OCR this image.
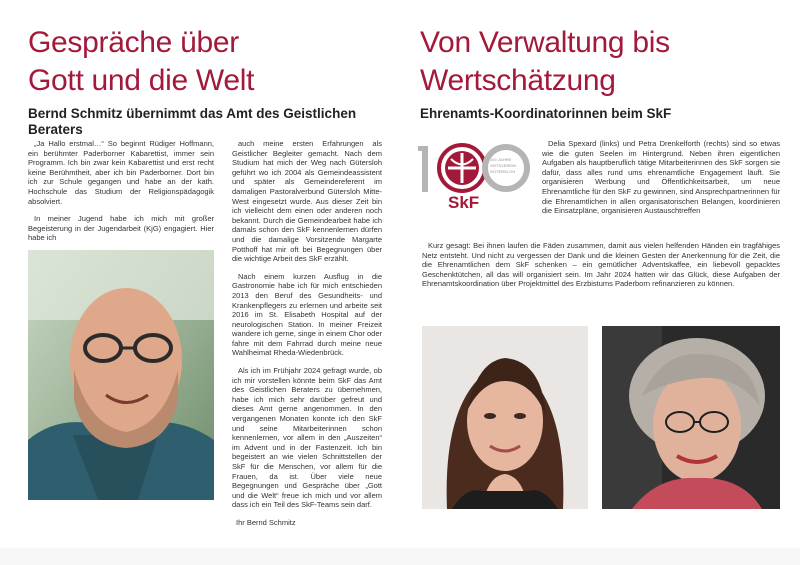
Gespräche über
Gott und die Welt
Bernd Schmitz übernimmt das Amt des Geistlichen Beraters

„Ja Hallo erstmal…“ So beginnt Rüdiger Hoffmann, ein berühmter Paderborner Kabarettist, immer sein Programm. Ich bin zwar kein Kabarettist und erst recht keine Berühmtheit, aber ich bin Paderborner. Dort bin ich zur Schule gegangen und habe an der kath. Hochschule das Studium der Religionspädagogik absolviert.

In meiner Jugend habe ich mich mit großer Begeisterung in der Jugendarbeit (KjG) engagiert. Hier habe ich

auch meine ersten Erfahrungen als Geistlicher Begleiter gemacht. Nach dem Studium hat mich der Weg nach Gütersloh geführt wo ich 2004 als Gemeindeassistent und später als Gemeindereferent im damaligen Pastoralverbund Gütersloh Mitte-West eingesetzt wurde. Aus dieser Zeit bin ich vielleicht dem einen oder anderen noch bekannt. Durch die Gemeindearbeit habe ich damals schon den SkF kennenlernen dürfen und die damalige Vorsitzende Margarte Potthoff hat mir oft bei Begegnungen über die wichtige Arbeit des SkF erzählt.

Nach einem kurzen Ausflug in die Gastronomie habe ich für mich entschieden 2013 den Beruf des Gesundheits- und Krankenpflegers zu erlernen und arbeite seit 2016 im St. Elisabeth Hospital auf der neurologischen Station. In meiner Freizeit wandere ich gerne, singe in einem Chor oder fahre mit dem Fahrrad durch meine neue Wahlheimat Rheda-Wiedenbrück.

Als ich im Frühjahr 2024 gefragt wurde, ob ich mir vorstellen könnte beim SkF das Amt des Geistlichen Beraters zu übernehmen, habe ich mich sehr darüber gefreut und dieses Amt gerne angenommen. In den vergangenen Monaten konnte ich den SkF und seine Mitarbeiterinnen schon kennenlernen, vor allem in den „Auszeiten“ im Advent und in der Fastenzeit. Ich bin begeistert an wie vielen Schnittstellen der SkF für die Menschen, vor allem für die Frauen, da ist. Über viele neue Begegnungen und Gespräche über „Gott und die Welt“ freue ich mich und vor allem dass ich ein Teil des SkF-Teams sein darf.

Ihr Bernd Schmitz

Von Verwaltung bis
Wertschätzung
Ehrenamts-Koordinatorinnen beim SkF
100 JAHRE
ORTSVEREIN
GÜTERSLOH
SkF

Delia Spexard (links) und Petra Drenkelforth (rechts) sind so etwas wie die guten Seelen im Hintergrund. Neben ihren eigentlichen Aufgaben als hauptberuflich tätige Mitarbeiterinnen des SkF sorgen sie dafür, dass alles rund ums ehrenamtliche Engagement läuft. Sie organisieren Werbung und Öffentlichkeitsarbeit, um neue Ehrenamtliche für den SkF zu gewinnen, sind Ansprechpartnerinnen für die Ehrenamtlichen in allen organisatorischen Belangen, koordinieren die Einsatzpläne, organisieren Austauschtreffen

Kurz gesagt: Bei ihnen laufen die Fäden zusammen, damit aus vielen helfenden Händen ein tragfähiges Netz entsteht. Und nicht zu vergessen der Dank und die kleinen Gesten der Anerkennung für die Zeit, die die Ehrenamtlichen dem SkF schenken – ein gemütlicher Adventskaffee, ein liebevoll gepacktes Geschenktütchen, all das will organisiert sein. Im Jahr 2024 hatten wir das Glück, diese Aufgaben der Ehrenamtskoordination über Projektmittel des Erzbistums Paderborn refinanzieren zu können.
